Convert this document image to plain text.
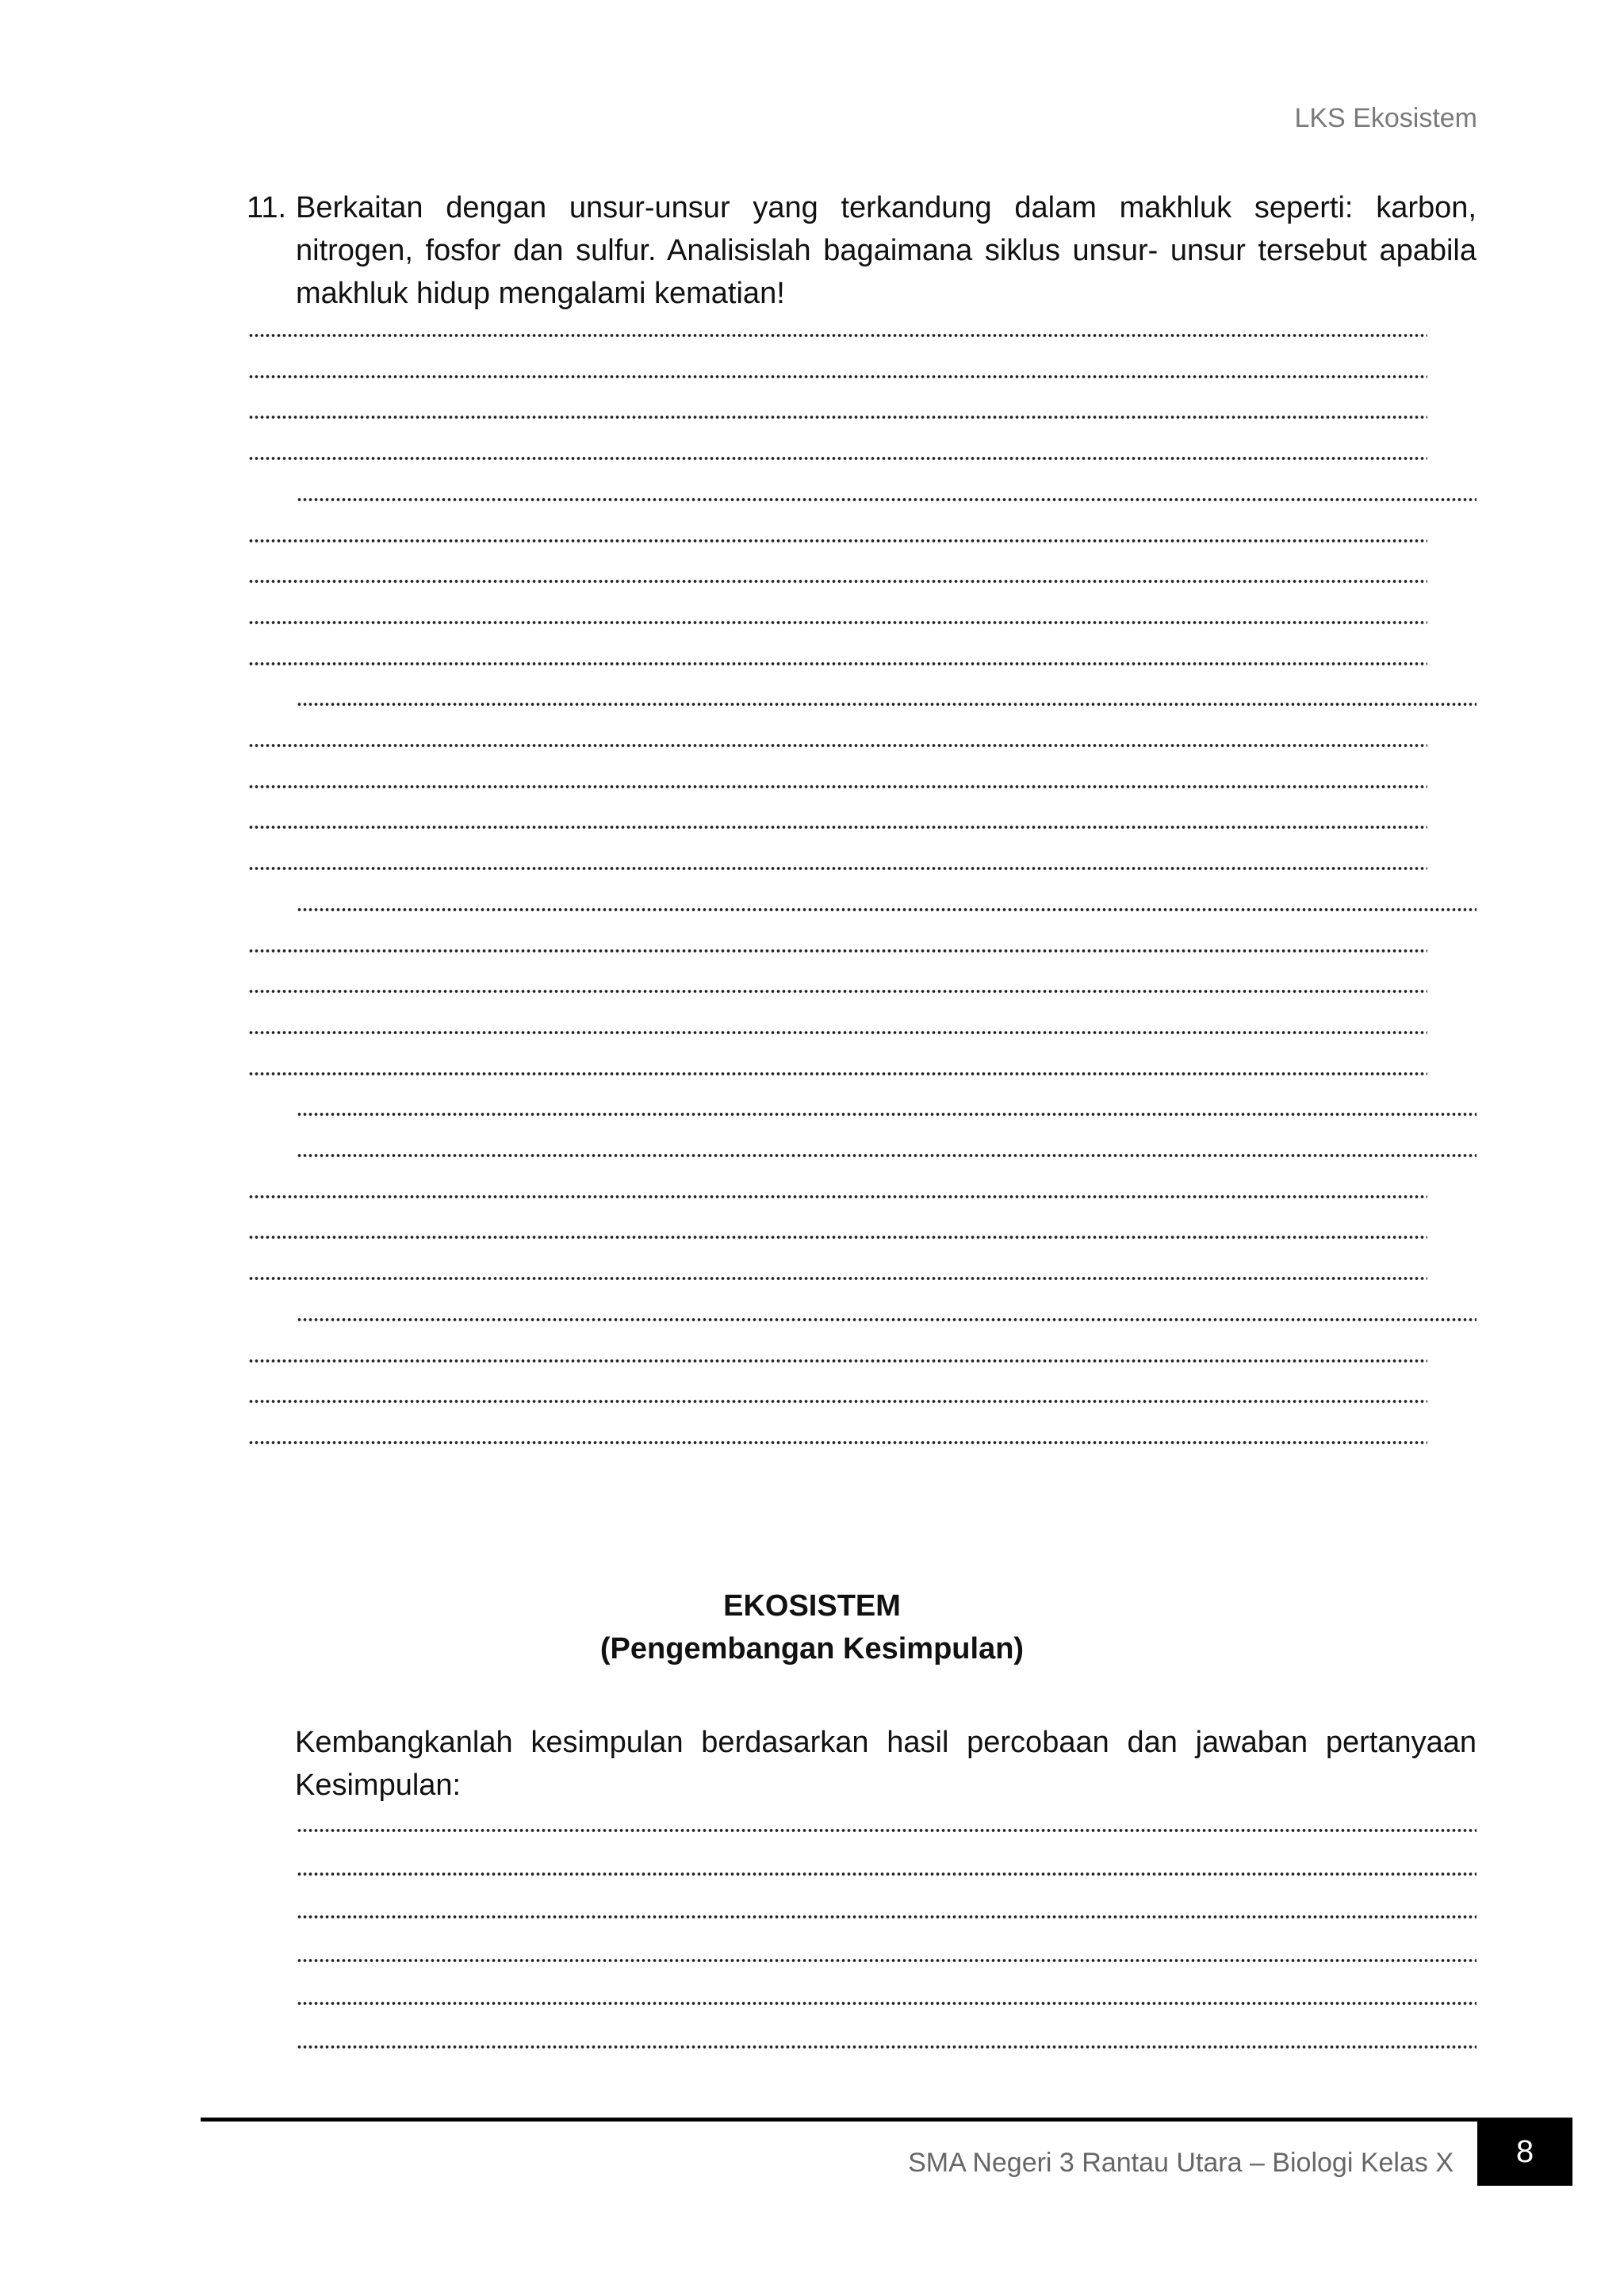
LKS Ekosistem
11. Berkaitan dengan unsur-unsur yang terkandung dalam makhluk seperti: karbon, nitrogen, fosfor dan sulfur. Analisislah bagaimana siklus unsur- unsur tersebut apabila makhluk hidup mengalami kematian!
EKOSISTEM
(Pengembangan Kesimpulan)
Kembangkanlah kesimpulan berdasarkan hasil percobaan dan jawaban pertanyaan
Kesimpulan:
SMA Negeri 3 Rantau Utara – Biologi Kelas X	8
